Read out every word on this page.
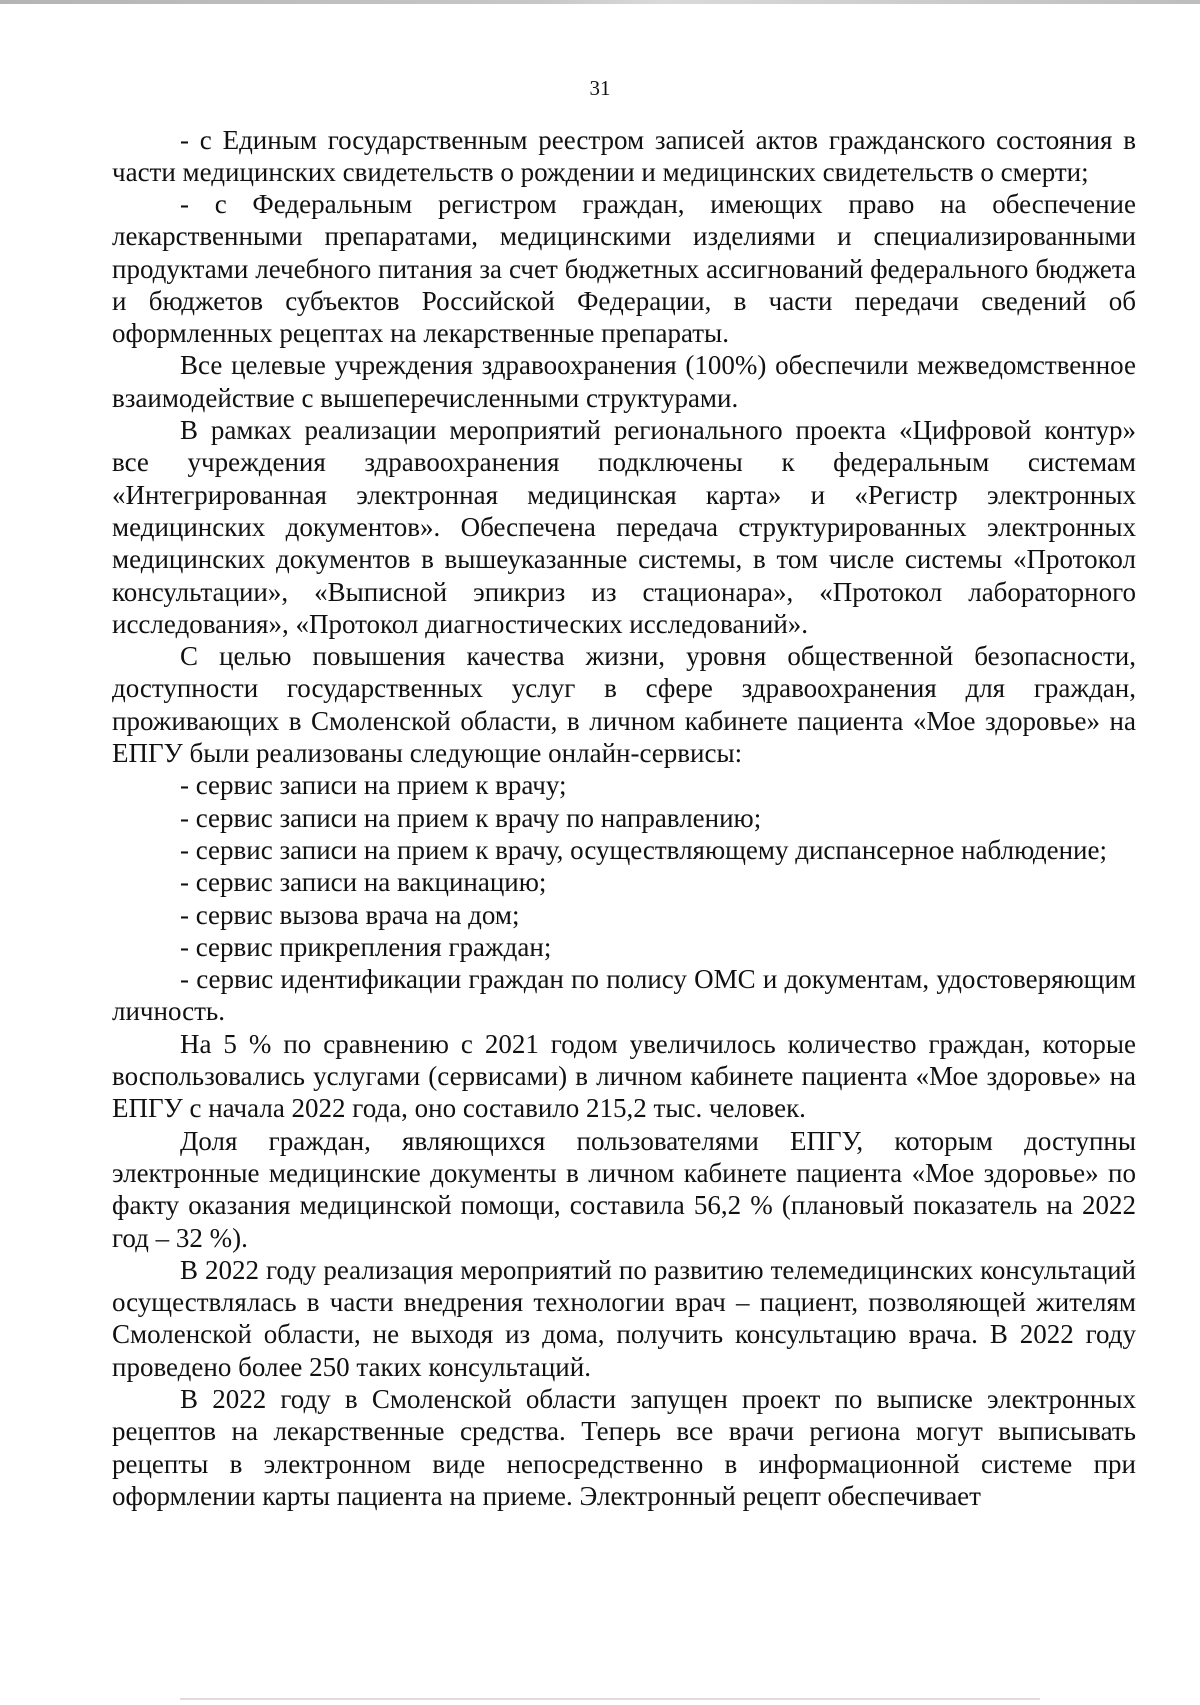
31

- с Единым государственным реестром записей актов гражданского состояния в части медицинских свидетельств о рождении и медицинских свидетельств о смерти;

- с Федеральным регистром граждан, имеющих право на обеспечение лекарственными препаратами, медицинскими изделиями и специализированными продуктами лечебного питания за счет бюджетных ассигнований федерального бюджета и бюджетов субъектов Российской Федерации, в части передачи сведений об оформленных рецептах на лекарственные препараты.

Все целевые учреждения здравоохранения (100%) обеспечили межведомственное взаимодействие с вышеперечисленными структурами.

В рамках реализации мероприятий регионального проекта «Цифровой контур» все учреждения здравоохранения подключены к федеральным системам «Интегрированная электронная медицинская карта» и «Регистр электронных медицинских документов». Обеспечена передача структурированных электронных медицинских документов в вышеуказанные системы, в том числе системы «Протокол консультации», «Выписной эпикриз из стационара», «Протокол лабораторного исследования», «Протокол диагностических исследований».

С целью повышения качества жизни, уровня общественной безопасности, доступности государственных услуг в сфере здравоохранения для граждан, проживающих в Смоленской области, в личном кабинете пациента «Мое здоровье» на ЕПГУ были реализованы следующие онлайн-сервисы:

- сервис записи на прием к врачу;

- сервис записи на прием к врачу по направлению;

- сервис записи на прием к врачу, осуществляющему диспансерное наблюдение;

- сервис записи на вакцинацию;

- сервис вызова врача на дом;

- сервис прикрепления граждан;

- сервис идентификации граждан по полису ОМС и документам, удостоверяющим личность.

На 5 % по сравнению с 2021 годом увеличилось количество граждан, которые воспользовались услугами (сервисами) в личном кабинете пациента «Мое здоровье» на ЕПГУ с начала 2022 года, оно составило 215,2 тыс. человек.

Доля граждан, являющихся пользователями ЕПГУ, которым доступны электронные медицинские документы в личном кабинете пациента «Мое здоровье» по факту оказания медицинской помощи, составила 56,2 % (плановый показатель на 2022 год – 32 %).

В 2022 году реализация мероприятий по развитию телемедицинских консультаций осуществлялась в части внедрения технологии врач – пациент, позволяющей жителям Смоленской области, не выходя из дома, получить консультацию врача. В 2022 году проведено более 250 таких консультаций.

В 2022 году в Смоленской области запущен проект по выписке электронных рецептов на лекарственные средства. Теперь все врачи региона могут выписывать рецепты в электронном виде непосредственно в информационной системе при оформлении карты пациента на приеме. Электронный рецепт обеспечивает
